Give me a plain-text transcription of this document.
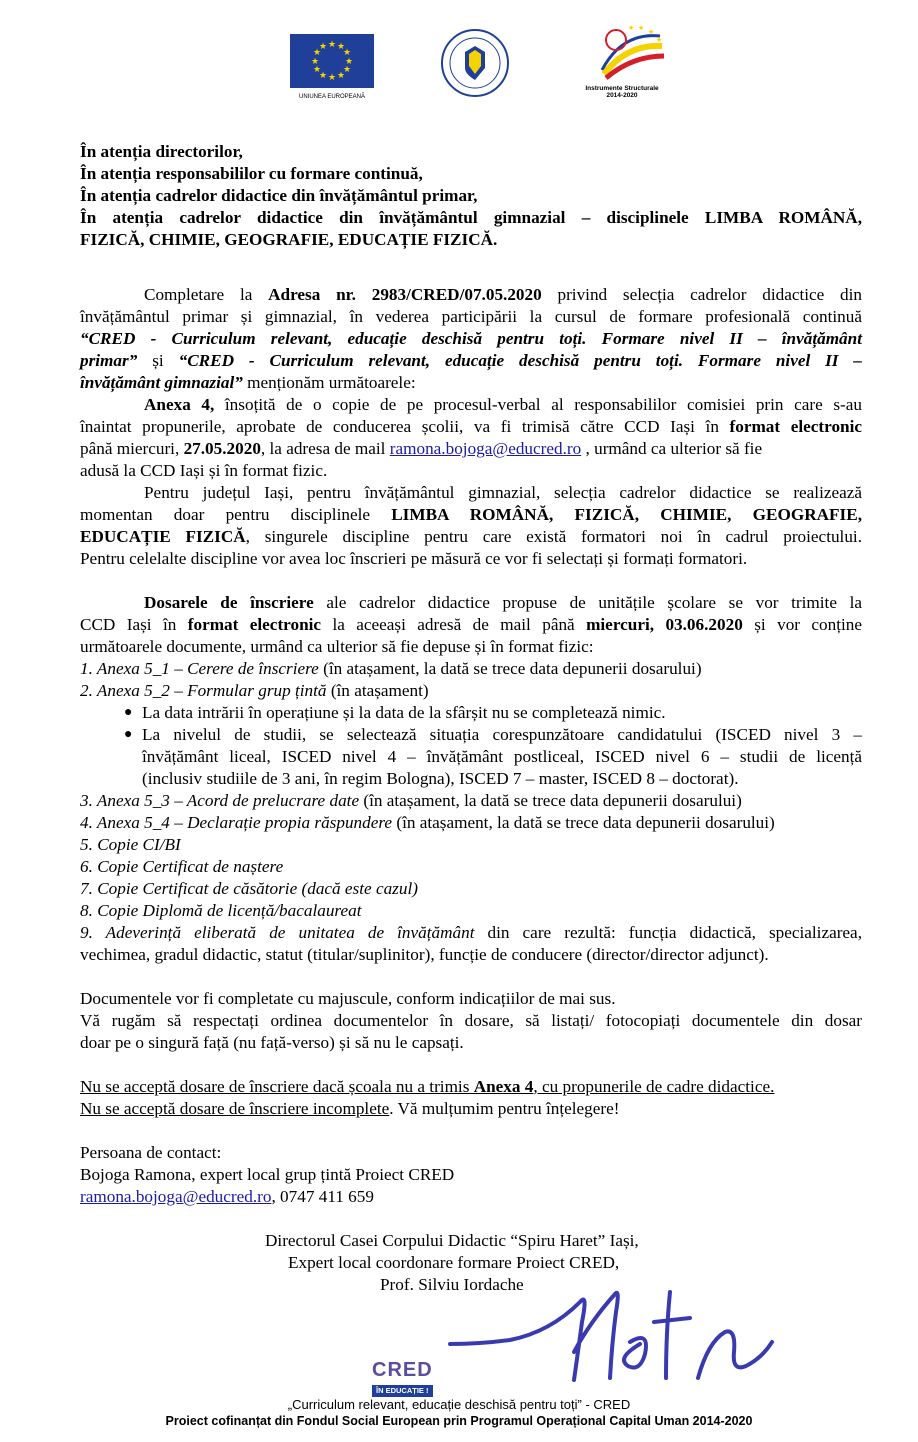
★ ★
★
★
★
★
★
★
★
★
★
★
UNIUNEA EUROPEANĂ
★ ★
★
★
Instrumente Structurale
2014-2020
În atenția directorilor,
În atenția responsabililor cu formare continuă,
În atenția cadrelor didactice din învățământul primar,
În atenția cadrelor didactice din învățământul gimnazial – disciplinele LIMBA ROMÂNĂ,
FIZICĂ, CHIMIE, GEOGRAFIE, EDUCAȚIE FIZICĂ.
Completare la Adresa nr. 2983/CRED/07.05.2020 privind selecția cadrelor didactice din
învățământul primar și gimnazial, în vederea participării la cursul de formare profesională continuă
“CRED - Curriculum relevant, educație deschisă pentru toți. Formare nivel II – învățământ
primar” și “CRED - Curriculum relevant, educație deschisă pentru toți. Formare nivel II –
învățământ gimnazial” menționăm următoarele:
Anexa 4, însoțită de o copie de pe procesul-verbal al responsabililor comisiei prin care s-au
înaintat propunerile, aprobate de conducerea școlii, va fi trimisă către CCD Iași în format electronic
până miercuri, 27.05.2020, la adresa de mail ramona.bojoga@educred.ro , urmând ca ulterior să fie
adusă la CCD Iași și în format fizic.
Pentru județul Iași, pentru învățământul gimnazial, selecția cadrelor didactice se realizează
momentan doar pentru disciplinele LIMBA ROMÂNĂ, FIZICĂ, CHIMIE, GEOGRAFIE,
EDUCAȚIE FIZICĂ, singurele discipline pentru care există formatori noi în cadrul proiectului.
Pentru celelalte discipline vor avea loc înscrieri pe măsură ce vor fi selectați și formați formatori.
Dosarele de înscriere ale cadrelor didactice propuse de unitățile școlare se vor trimite la
CCD Iași în format electronic la aceeași adresă de mail până miercuri, 03.06.2020 și vor conține
următoarele documente, urmând ca ulterior să fie depuse și în format fizic:
1. Anexa 5_1 – Cerere de înscriere (în atașament, la dată se trece data depunerii dosarului)
2. Anexa 5_2 – Formular grup țintă (în atașament)
● La data intrării în operațiune și la data de la sfârșit nu se completează nimic.
● La nivelul de studii, se selectează situația corespunzătoare candidatului (ISCED nivel 3 –
învățământ liceal, ISCED nivel 4 – învățământ postliceal, ISCED nivel 6 – studii de licență
(inclusiv studiile de 3 ani, în regim Bologna), ISCED 7 – master, ISCED 8 – doctorat).
3. Anexa 5_3 – Acord de prelucrare date (în atașament, la dată se trece data depunerii dosarului)
4. Anexa 5_4 – Declarație propia răspundere (în atașament, la dată se trece data depunerii dosarului)
5. Copie CI/BI
6. Copie Certificat de naștere
7. Copie Certificat de căsătorie (dacă este cazul)
8. Copie Diplomă de licență/bacalaureat
9. Adeverință eliberată de unitatea de învățământ din care rezultă: funcția didactică, specializarea,
vechimea, gradul didactic, statut (titular/suplinitor), funcție de conducere (director/director adjunct).
Documentele vor fi completate cu majuscule, conform indicațiilor de mai sus.
Vă rugăm să respectați ordinea documentelor în dosare, să listați/ fotocopiați documentele din dosar
doar pe o singură față (nu față-verso) și să nu le capsați.
Nu se acceptă dosare de înscriere dacă școala nu a trimis Anexa 4, cu propunerile de cadre didactice.
Nu se acceptă dosare de înscriere incomplete. Vă mulțumim pentru înțelegere!
Persoana de contact:
Bojoga Ramona, expert local grup țintă Proiect CRED
ramona.bojoga@educred.ro, 0747 411 659
Directorul Casei Corpului Didactic “Spiru Haret” Iași,
Expert local coordonare formare Proiect CRED,
Prof. Silviu Iordache
CRED
ÎN EDUCAȚIE !
„Curriculum relevant, educație deschisă pentru toți” - CRED
Proiect cofinanțat din Fondul Social European prin Programul Operațional Capital Uman 2014-2020
